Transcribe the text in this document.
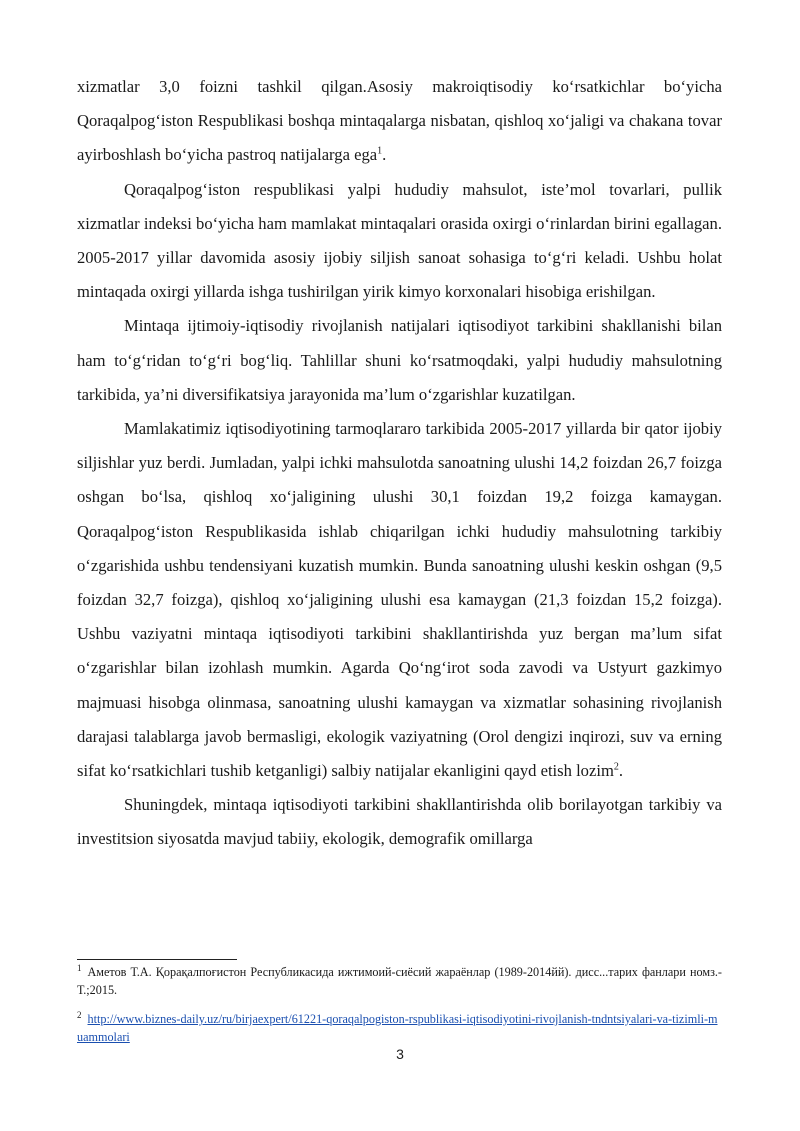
xizmatlar 3,0 foizni tashkil qilgan.Asosiy makroiqtisodiy ko‘rsatkichlar bo‘yicha Qoraqalpog‘iston Respublikasi boshqa mintaqalarga nisbatan, qishloq xo‘jaligi va chakana tovar ayirboshlash bo‘yicha pastroq natijalarga ega$^1$.

Qoraqalpog‘iston respublikasi yalpi hududiy mahsulot, iste’mol tovarlari, pullik xizmatlar indeksi bo‘yicha ham mamlakat mintaqalari orasida oxirgi o‘rinlardan birini egallagan. 2005-2017 yillar davomida asosiy ijobiy siljish sanoat sohasiga to‘g‘ri keladi. Ushbu holat mintaqada oxirgi yillarda ishga tushirilgan yirik kimyo korxonalari hisobiga erishilgan.

Mintaqa ijtimoiy-iqtisodiy rivojlanish natijalari iqtisodiyot tarkibini shakllanishi bilan ham to‘g‘ridan to‘g‘ri bog‘liq. Tahlillar shuni ko‘rsatmoqdaki, yalpi hududiy mahsulotning tarkibida, ya’ni diversifikatsiya jarayonida ma’lum o‘zgarishlar kuzatilgan.

Mamlakatimiz iqtisodiyotining tarmoqlararo tarkibida 2005-2017 yillarda bir qator ijobiy siljishlar yuz berdi. Jumladan, yalpi ichki mahsulotda sanoatning ulushi 14,2 foizdan 26,7 foizga oshgan bo‘lsa, qishloq xo‘jaligining ulushi 30,1 foizdan 19,2 foizga kamaygan. Qoraqalpog‘iston Respublikasida ishlab chiqarilgan ichki hududiy mahsulotning tarkibiy o‘zgarishida ushbu tendensiyani kuzatish mumkin. Bunda sanoatning ulushi keskin oshgan (9,5 foizdan 32,7 foizga), qishloq xo‘jaligining ulushi esa kamaygan (21,3 foizdan 15,2 foizga). Ushbu vaziyatni mintaqa iqtisodiyoti tarkibini shakllantirishda yuz bergan ma’lum sifat o‘zgarishlar bilan izohlash mumkin. Agarda Qo‘ng‘irot soda zavodi va Ustyurt gazkimyo majmuasi hisobga olinmasa, sanoatning ulushi kamaygan va xizmatlar sohasining rivojlanish darajasi talablarga javob bermasligi, ekologik vaziyatning (Orol dengizi inqirozi, suv va erning sifat ko‘rsatkichlari tushib ketganligi) salbiy natijalar ekanligini qayd etish lozim$^2$.

Shuningdek, mintaqa iqtisodiyoti tarkibini shakllantirishda olib borilayotgan tarkibiy va investitsion siyosatda mavjud tabiiy, ekologik, demografik omillarga

$^1$ Аметов Т.А. Қорақалпоғистон Республикасида ижтимоий-сиёсий жараёнлар (1989-2014йй). дисс...тарих фанлари номз.-Т.;2015.

$^2$ http://www.biznes-daily.uz/ru/birjaexpert/61221-qoraqalpogiston-rspublikasi-iqtisodiyotini-rivojlanish-tndntsiyalari-va-tizimli-muammolari

3
